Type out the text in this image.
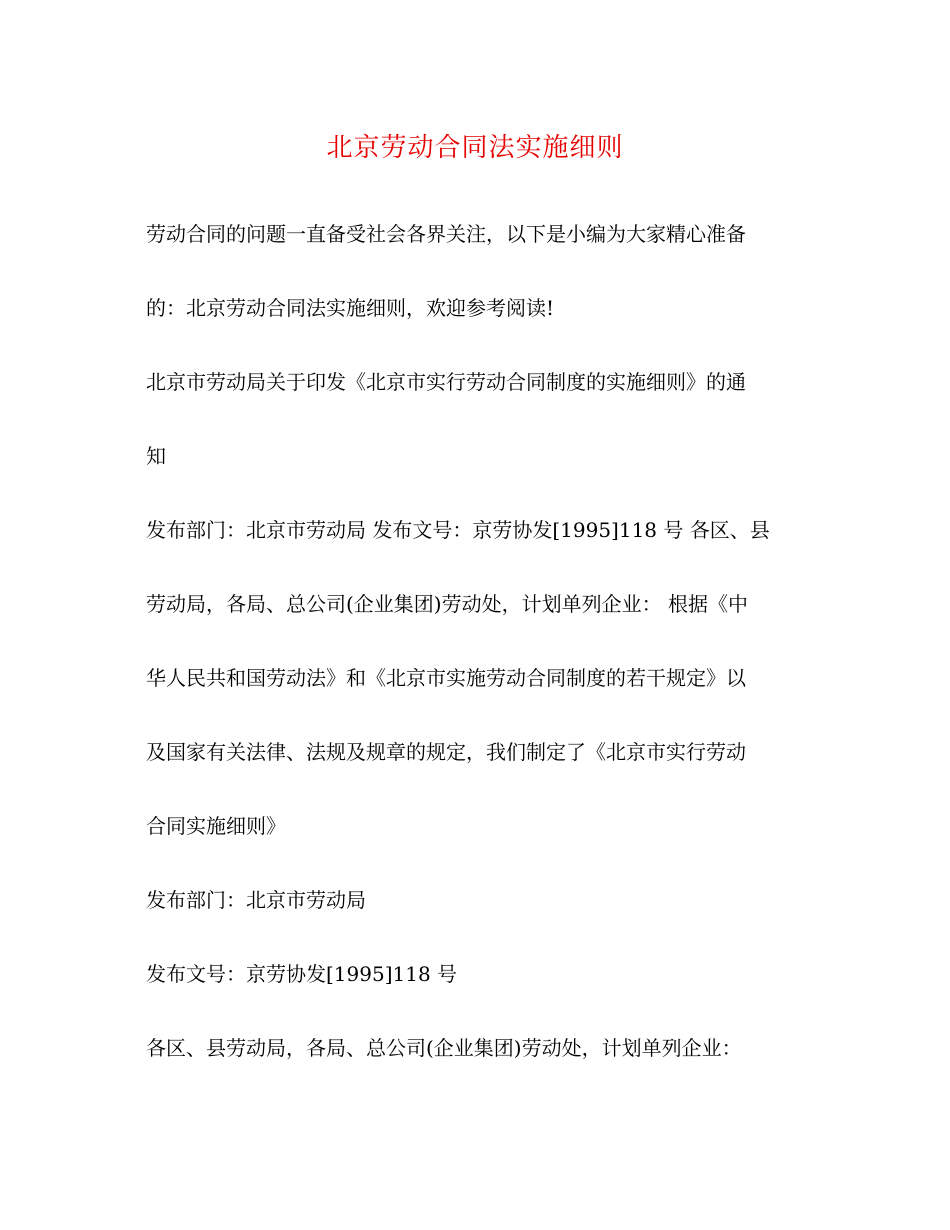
北京劳动合同法实施细则
劳动合同的问题一直备受社会各界关注，以下是小编为大家精心准备
的：北京劳动合同法实施细则，欢迎参考阅读!
北京市劳动局关于印发《北京市实行劳动合同制度的实施细则》的通
知
发布部门：北京市劳动局 发布文号：京劳协发[1995]118 号 各区、县
劳动局，各局、总公司(企业集团)劳动处，计划单列企业： 根据《中
华人民共和国劳动法》和《北京市实施劳动合同制度的若干规定》以
及国家有关法律、法规及规章的规定，我们制定了《北京市实行劳动
合同实施细则》
发布部门：北京市劳动局
发布文号：京劳协发[1995]118 号
各区、县劳动局，各局、总公司(企业集团)劳动处，计划单列企业：
